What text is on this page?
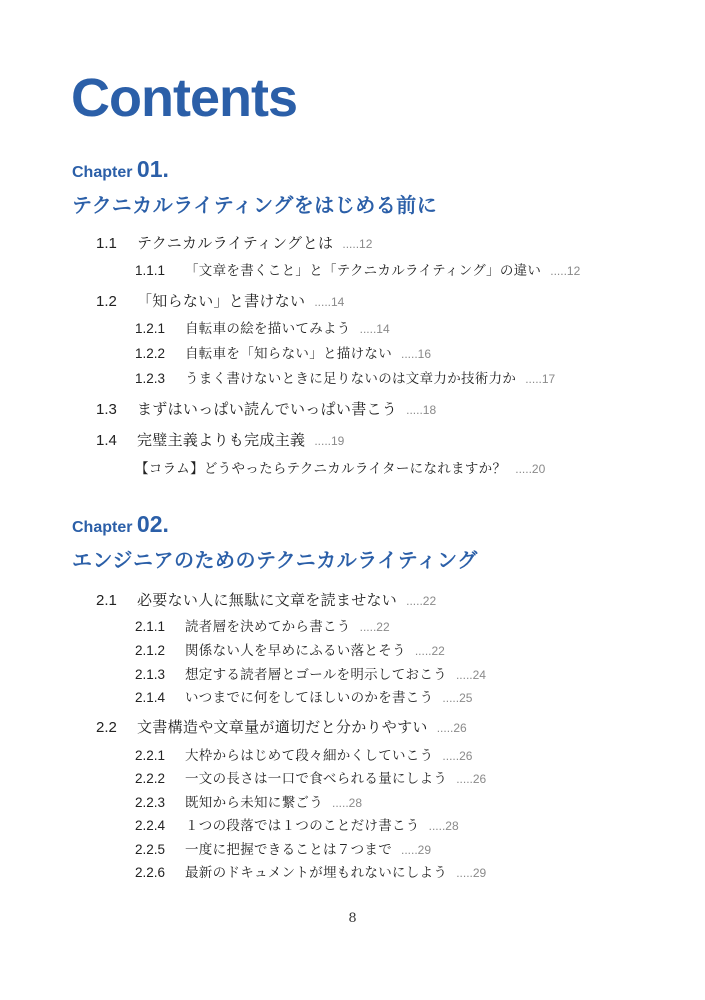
Contents
Chapter 01.
テクニカルライティングをはじめる前に
1.1	テクニカルライティングとは .....12
1.1.1	「文章を書くこと」と「テクニカルライティング」の違い .....12
1.2	「知らない」と書けない .....14
1.2.1	自転車の絵を描いてみよう .....14
1.2.2	自転車を「知らない」と描けない .....16
1.2.3	うまく書けないときに足りないのは文章力か技術力か .....17
1.3	まずはいっぱい読んでいっぱい書こう .....18
1.4	完璧主義よりも完成主義 .....19
【コラム】どうやったらテクニカルライターになれますか？ .....20
Chapter 02.
エンジニアのためのテクニカルライティング
2.1	必要ない人に無駄に文章を読ませない .....22
2.1.1	読者層を決めてから書こう .....22
2.1.2	関係ない人を早めにふるい落とそう .....22
2.1.3	想定する読者層とゴールを明示しておこう .....24
2.1.4	いつまでに何をしてほしいのかを書こう .....25
2.2	文書構造や文章量が適切だと分かりやすい .....26
2.2.1	大枠からはじめて段々細かくしていこう .....26
2.2.2	一文の長さは一口で食べられる量にしよう .....26
2.2.3	既知から未知に繋ごう .....28
2.2.4	１つの段落では１つのことだけ書こう .....28
2.2.5	一度に把握できることは７つまで .....29
2.2.6	最新のドキュメントが埋もれないにしよう .....29
8
